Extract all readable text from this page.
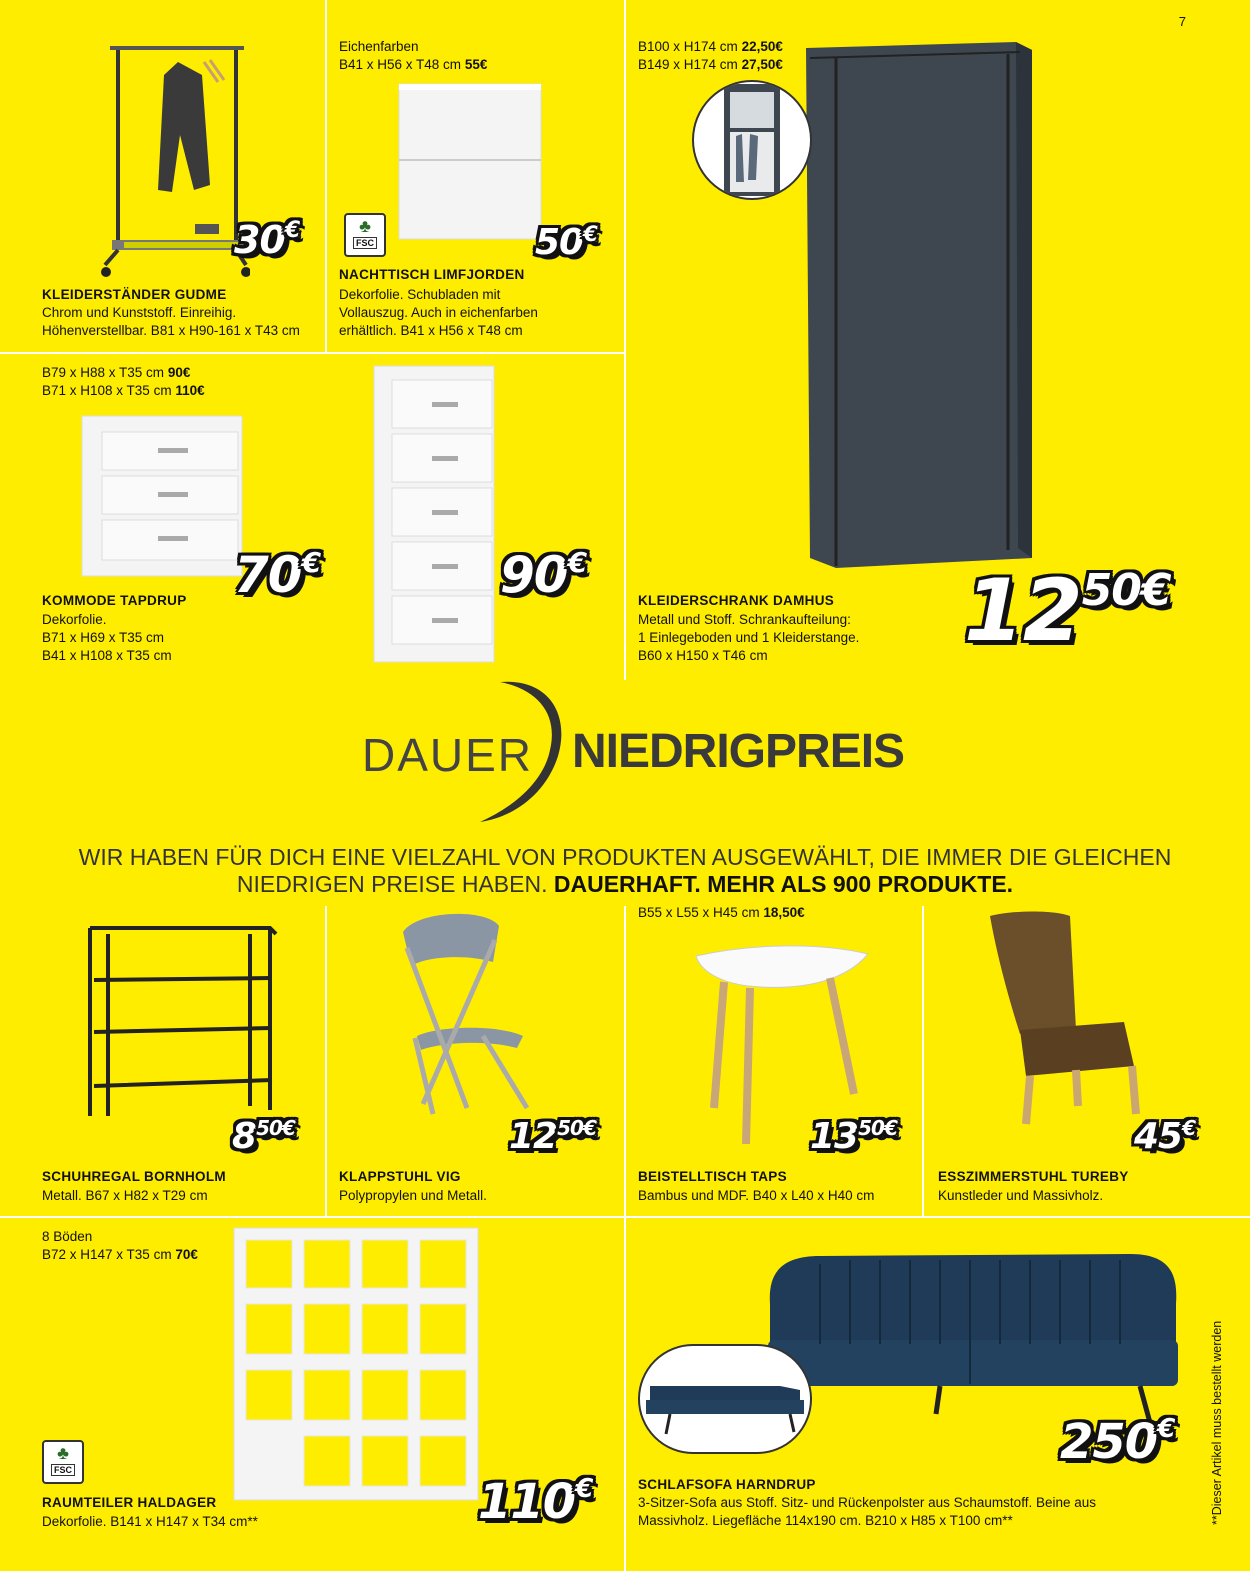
7
30€
KLEIDERSTÄNDER GUDME
Chrom und Kunststoff. Einreihig.
Höhenverstellbar. B81 x H90-161 x T43 cm
Eichenfarben
B41 x H56 x T48 cm 55€
♣
FSC	50€
NACHTTISCH LIMFJORDEN
Dekorfolie. Schubladen mit
Vollauszug. Auch in eichenfarben
erhältlich. B41 x H56 x T48 cm
B100 x H174 cm 22,50€
B149 x H174 cm 27,50€
1250€
KLEIDERSCHRANK DAMHUS
Metall und Stoff. Schrankaufteilung:
1 Einlegeboden und 1 Kleiderstange.
B60 x H150 x T46 cm
B79 x H88 x T35 cm 90€
B71 x H108 x T35 cm 110€
70€	90€
KOMMODE TAPDRUP
Dekorfolie.
B71 x H69 x T35 cm
B41 x H108 x T35 cm
DAUER NIEDRIGPREIS
WIR HABEN FÜR DICH EINE VIELZAHL VON PRODUKTEN AUSGEWÄHLT, DIE IMMER DIE GLEICHEN
NIEDRIGEN PREISE HABEN. DAUERHAFT. MEHR ALS 900 PRODUKTE.
850€
SCHUHREGAL BORNHOLM
Metall. B67 x H82 x T29 cm
1250€
KLAPPSTUHL VIG
Polypropylen und Metall.
B55 x L55 x H45 cm 18,50€
1350€
BEISTELLTISCH TAPS
Bambus und MDF. B40 x L40 x H40 cm
45€
ESSZIMMERSTUHL TUREBY
Kunstleder und Massivholz.
8 Böden
B72 x H147 x T35 cm 70€
♣
FSC
110€
RAUMTEILER HALDAGER
Dekorfolie. B141 x H147 x T34 cm**
250€
SCHLAFSOFA HARNDRUP
3-Sitzer-Sofa aus Stoff. Sitz- und Rückenpolster aus Schaumstoff. Beine aus
Massivholz. Liegefläche 114x190 cm. B210 x H85 x T100 cm**	**Dieser Artikel muss bestellt werden
